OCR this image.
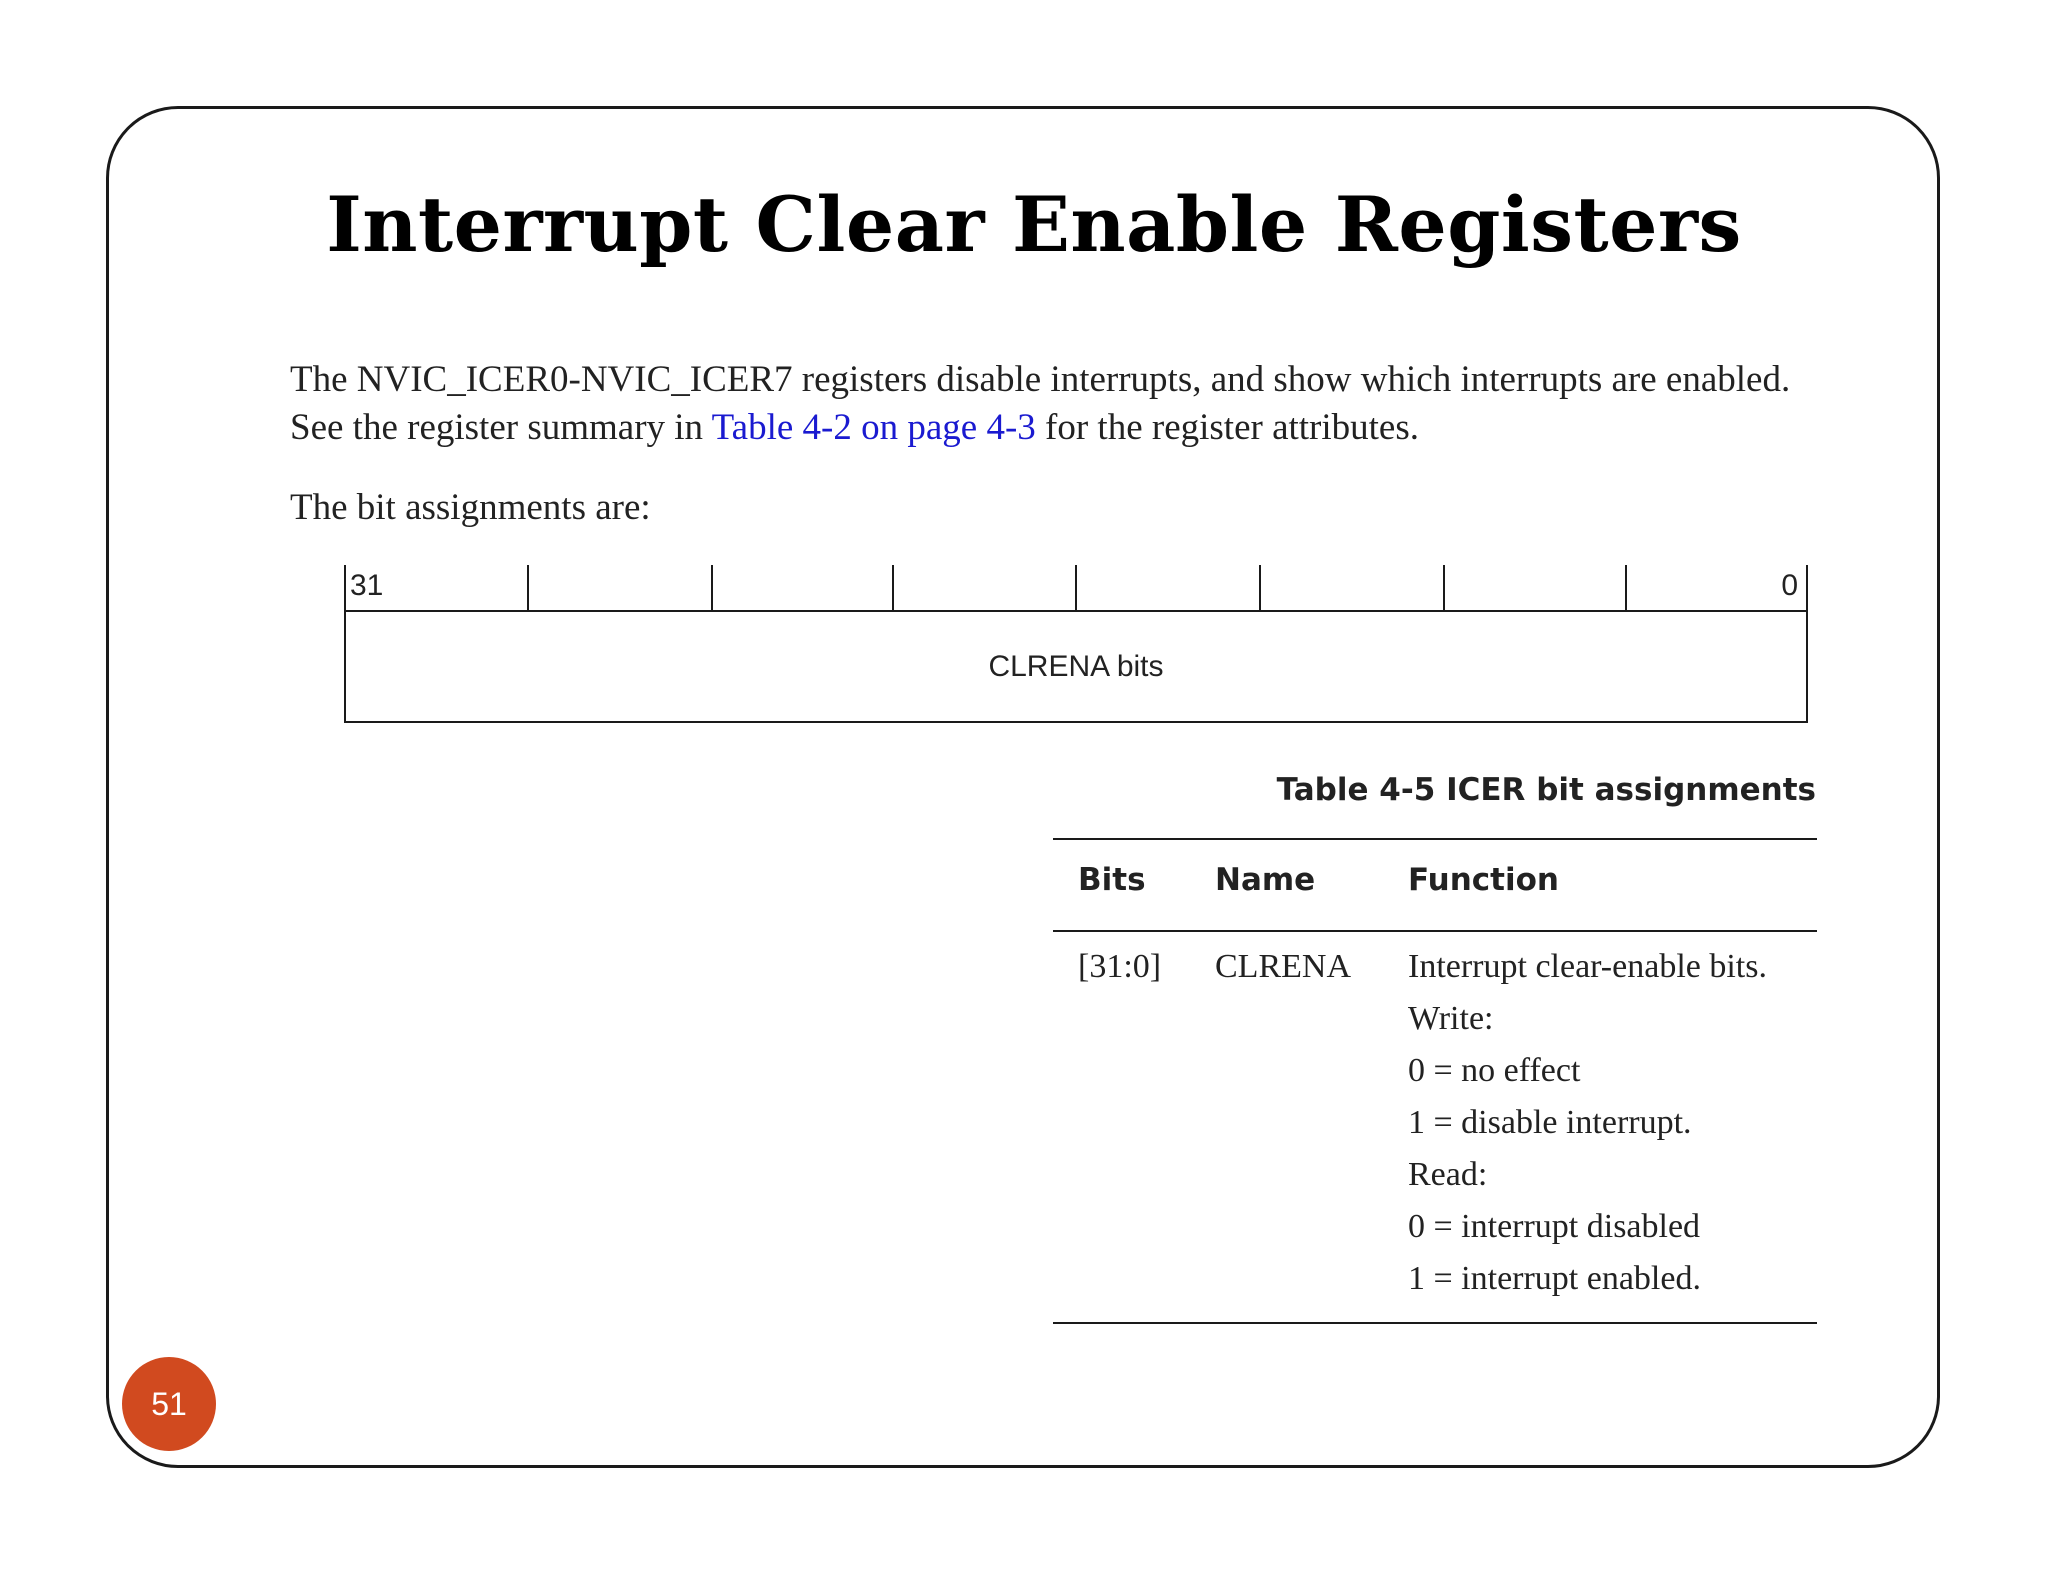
Interrupt Clear Enable Registers

The NVIC_ICER0-NVIC_ICER7 registers disable interrupts, and show which interrupts are enabled. See the register summary in Table 4-2 on page 4-3 for the register attributes.

The bit assignments are:

31	0
CLRENA bits

Table 4-5 ICER bit assignments

Bits Name	Function
[31:0] CLRENA Interrupt clear-enable bits.
Write:
0 = no effect
1 = disable interrupt.
Read:
0 = interrupt disabled
1 = interrupt enabled.
51
